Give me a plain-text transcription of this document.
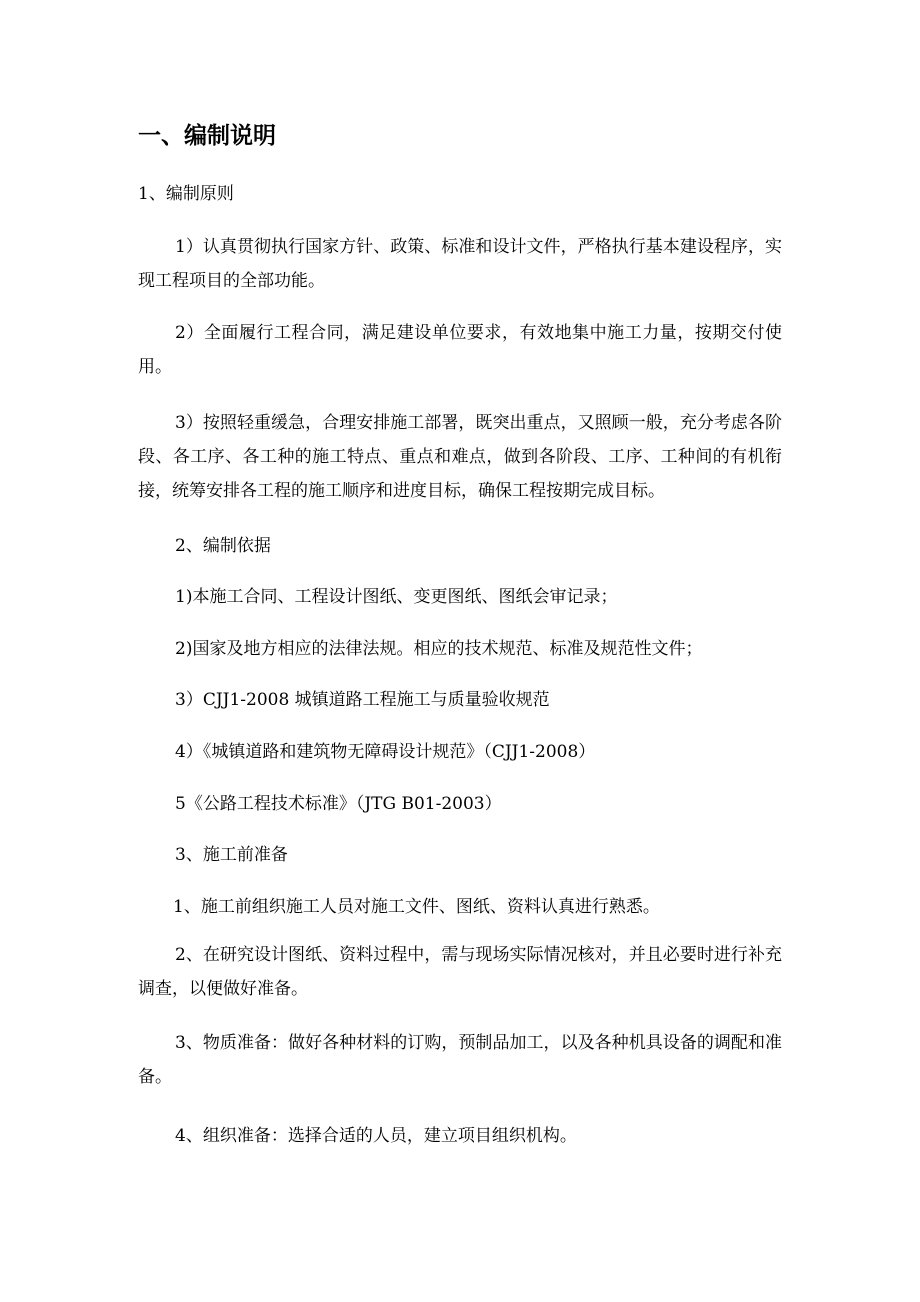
一、编制说明
1、编制原则
1）认真贯彻执行国家方针、政策、标准和设计文件，严格执行基本建设程序，实现工程项目的全部功能。
2）全面履行工程合同，满足建设单位要求，有效地集中施工力量，按期交付使用。
3）按照轻重缓急，合理安排施工部署，既突出重点，又照顾一般，充分考虑各阶段、各工序、各工种的施工特点、重点和难点，做到各阶段、工序、工种间的有机衔接，统筹安排各工程的施工顺序和进度目标，确保工程按期完成目标。
2、编制依据
1)本施工合同、工程设计图纸、变更图纸、图纸会审记录；
2)国家及地方相应的法律法规。相应的技术规范、标准及规范性文件；
3）CJJ1-2008 城镇道路工程施工与质量验收规范
4）《城镇道路和建筑物无障碍设计规范》（CJJ1-2008）
5《公路工程技术标准》（JTG B01-2003）
3、施工前准备
1、施工前组织施工人员对施工文件、图纸、资料认真进行熟悉。
2、在研究设计图纸、资料过程中，需与现场实际情况核对，并且必要时进行补充调查，以便做好准备。
3、物质准备：做好各种材料的订购，预制品加工，以及各种机具设备的调配和准备。
4、组织准备：选择合适的人员，建立项目组织机构。
